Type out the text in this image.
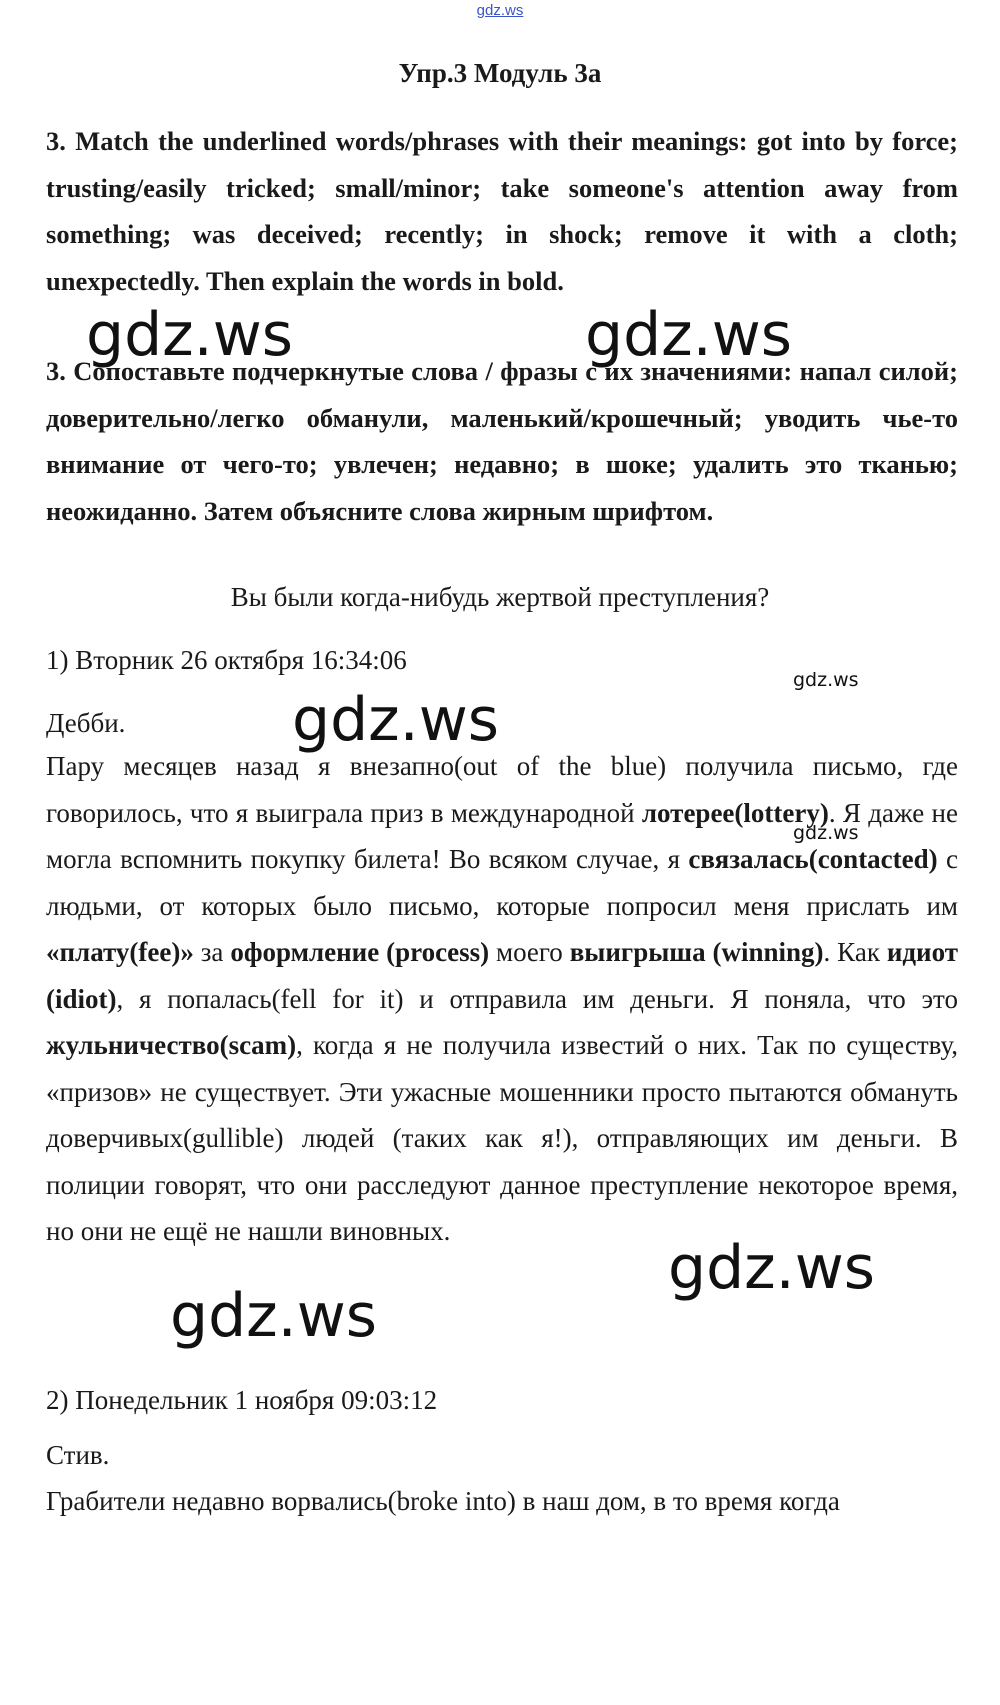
gdz.ws
Упр.3 Модуль 3а

3. Match the underlined words/phrases with their meanings: got into by force; trusting/easily tricked; small/minor; take someone's attention away from something; was deceived; recently; in shock; remove it with a cloth; unexpectedly. Then explain the words in bold.

3. Сопоставьте подчеркнутые слова / фразы с их значениями: напал силой; доверительно/легко обманули, маленький/крошечный; уводить чье-то внимание от чего-то; увлечен; недавно; в шоке; удалить это тканью; неожиданно. Затем объясните слова жирным шрифтом.

Вы были когда-нибудь жертвой преступления?

1) Вторник 26 октября 16:34:06

Дебби.

Пару месяцев назад я внезапно(out of the blue) получила письмо, где говорилось, что я выиграла приз в международной лотерее(lottery). Я даже не могла вспомнить покупку билета! Во всяком случае, я связалась(contacted) с людьми, от которых было письмо, которые попросил меня прислать им «плату(fee)» за оформление (process) моего выигрыша (winning). Как идиот (idiot), я попалась(fell for it) и отправила им деньги. Я поняла, что это жульничество(scam), когда я не получила известий о них. Так по существу, «призов» не существует. Эти ужасные мошенники просто пытаются обмануть доверчивых(gullible) людей (таких как я!), отправляющих им деньги. В полиции говорят, что они расследуют данное преступление некоторое время, но они не ещё не нашли виновных.

2) Понедельник 1 ноября 09:03:12

Стив.

Грабители недавно ворвались(broke into) в наш дом, в то время когда

gdz.ws	gdz.ws
gdz.ws
gdz.ws
gdz.ws
gdz.ws
gdz.ws
